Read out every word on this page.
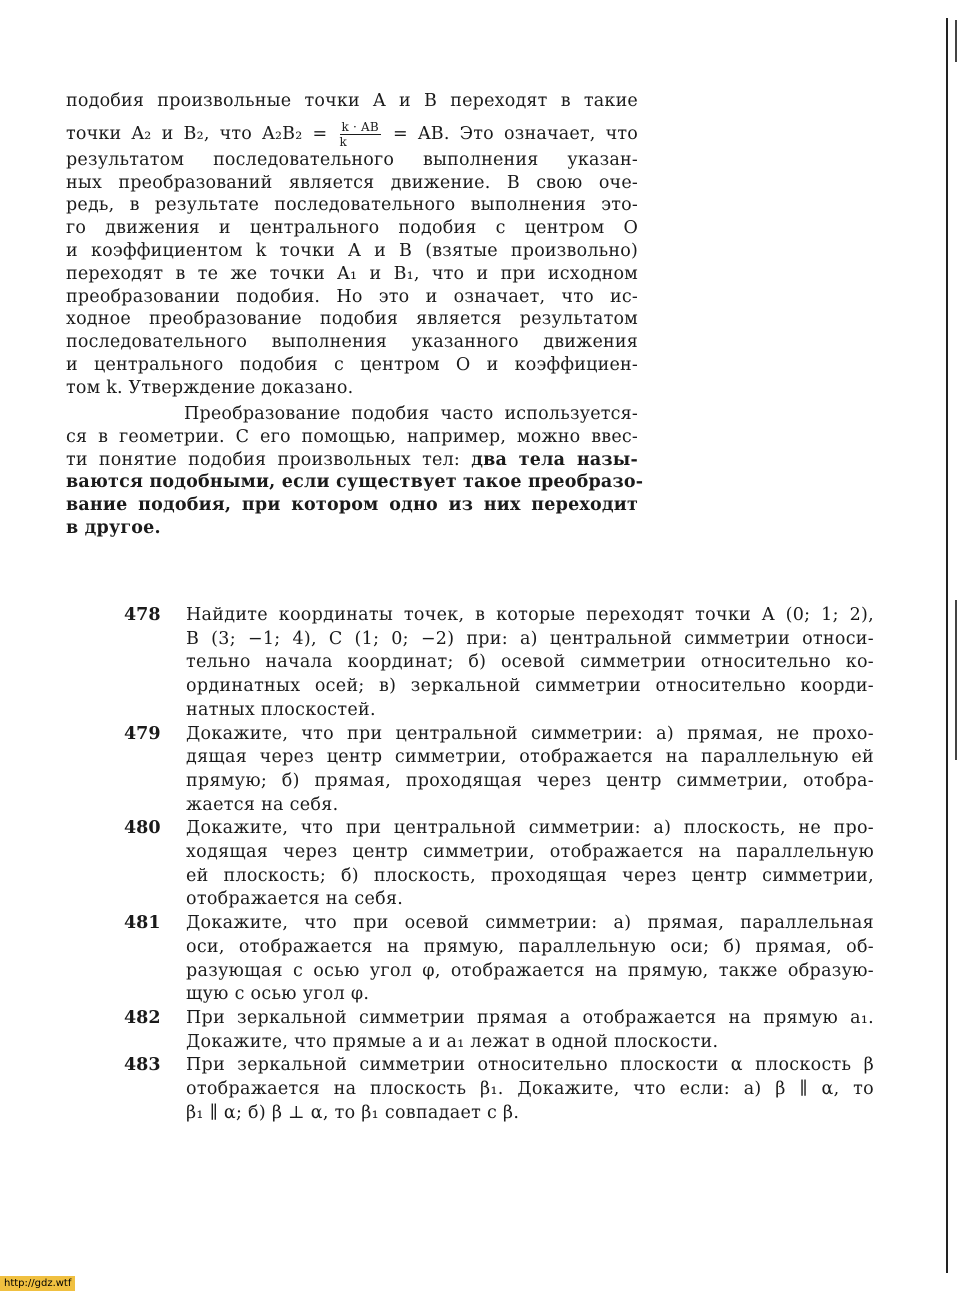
подобия произвольные точки A и B переходят в такие
точки A₂ и B₂, что $A_2B_2 = \frac{k \cdot AB}{k}$ = AB. Это означает, что
результатом последовательного выполнения указан-
ных преобразований является движение. В свою оче-
редь, в результате последовательного выполнения это-
го движения и центрального подобия с центром O
и коэффициентом k точки A и B (взятые произвольно)
переходят в те же точки A₁ и B₁, что и при исходном
преобразовании подобия. Но это и означает, что ис-
ходное преобразование подобия является результатом
последовательного выполнения указанного движения
и центрального подобия с центром O и коэффициен-
том k. Утверждение доказано.
Преобразование подобия часто используется-
ся в геометрии. С его помощью, например, можно ввес-
ти понятие подобия произвольных тел: два тела назы-
ваются подобными, если существует такое преобразо-
вание подобия, при котором одно из них переходит
в другое.
478	Найдите координаты точек, в которые переходят точки A (0; 1; 2),
B (3; −1; 4), C (1; 0; −2) при: а) центральной симметрии относи-
тельно начала координат; б) осевой симметрии относительно ко-
ординатных осей; в) зеркальной симметрии относительно коорди-
натных плоскостей.
479	Докажите, что при центральной симметрии: а) прямая, не прохо-
дящая через центр симметрии, отображается на параллельную ей
прямую; б) прямая, проходящая через центр симметрии, отобра-
жается на себя.
480	Докажите, что при центральной симметрии: а) плоскость, не про-
ходящая через центр симметрии, отображается на параллельную
ей плоскость; б) плоскость, проходящая через центр симметрии,
отображается на себя.
481	Докажите, что при осевой симметрии: а) прямая, параллельная
оси, отображается на прямую, параллельную оси; б) прямая, об-
разующая с осью угол φ, отображается на прямую, также образую-
щую с осью угол φ.
482	При зеркальной симметрии прямая a отображается на прямую a₁.
Докажите, что прямые a и a₁ лежат в одной плоскости.
483	При зеркальной симметрии относительно плоскости α плоскость β
отображается на плоскость β₁. Докажите, что если: а) β ∥ α, то
β₁ ∥ α; б) β ⊥ α, то β₁ совпадает с β.
http://gdz.wtf
